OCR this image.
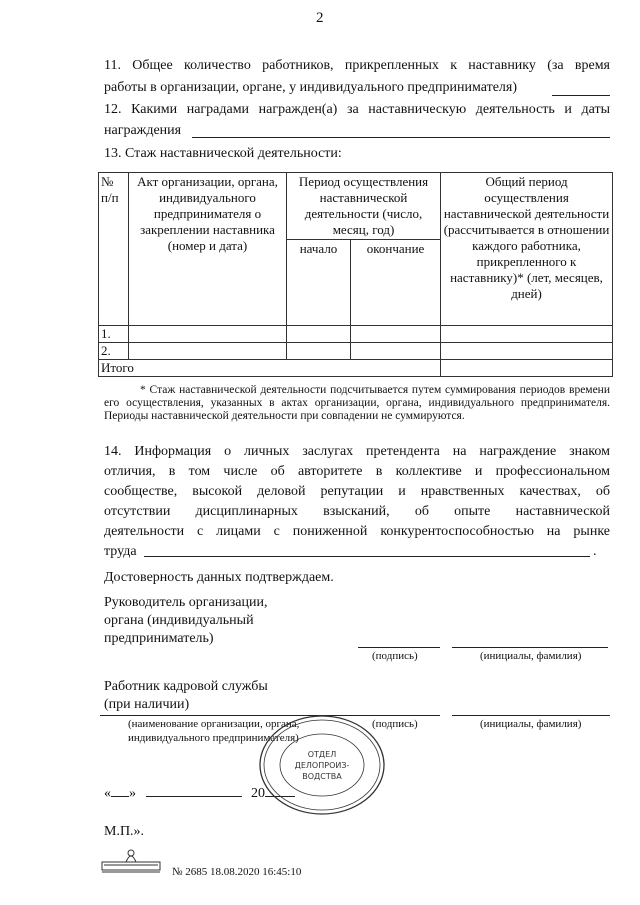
2
11. Общее количество работников, прикрепленных к наставнику (за время
работы в организации, органе, у индивидуального предпринимателя)
12. Какими наградами награжден(а) за наставническую деятельность и даты
награждения
13. Стаж наставнической деятельности:
№ п/п	Акт организации, органа, индивидуального предпринимателя о закреплении наставника (номер и дата)	Период осуществления наставнической деятельности (число, месяц, год)		Общий период осуществления наставнической деятельности (рассчитывается в отношении каждого работника, прикрепленного к наставнику)* (лет, месяцев, дней)
		начало	окончание	
1.				
2.				
Итого				
* Стаж наставнической деятельности подсчитывается путем суммирования периодов времени его осуществления, указанных в актах организации, органа, индивидуального предпринимателя. Периоды наставнической деятельности при совпадении не суммируются.
14. Информация о личных заслугах претендента на награждение знаком
отличия, в том числе об авторитете в коллективе и профессиональном
сообществе, высокой деловой репутации и нравственных качествах, об
отсутствии дисциплинарных взысканий, об опыте наставнической
деятельности с лицами с пониженной конкурентоспособностью на рынке
труда	.
Достоверность данных подтверждаем.
Руководитель организации,
органа (индивидуальный
предприниматель)
(подпись)	(инициалы, фамилия)
Работник кадровой службы
(при наличии)
(наименование организации, органа,
индивидуального предпринимателя)
(подпись)	(инициалы, фамилия)
« »	20
М.П.».
ОТДЕЛ
ДЕЛОПРОИЗ-
ВОДСТВА
№ 2685 18.08.2020 16:45:10
